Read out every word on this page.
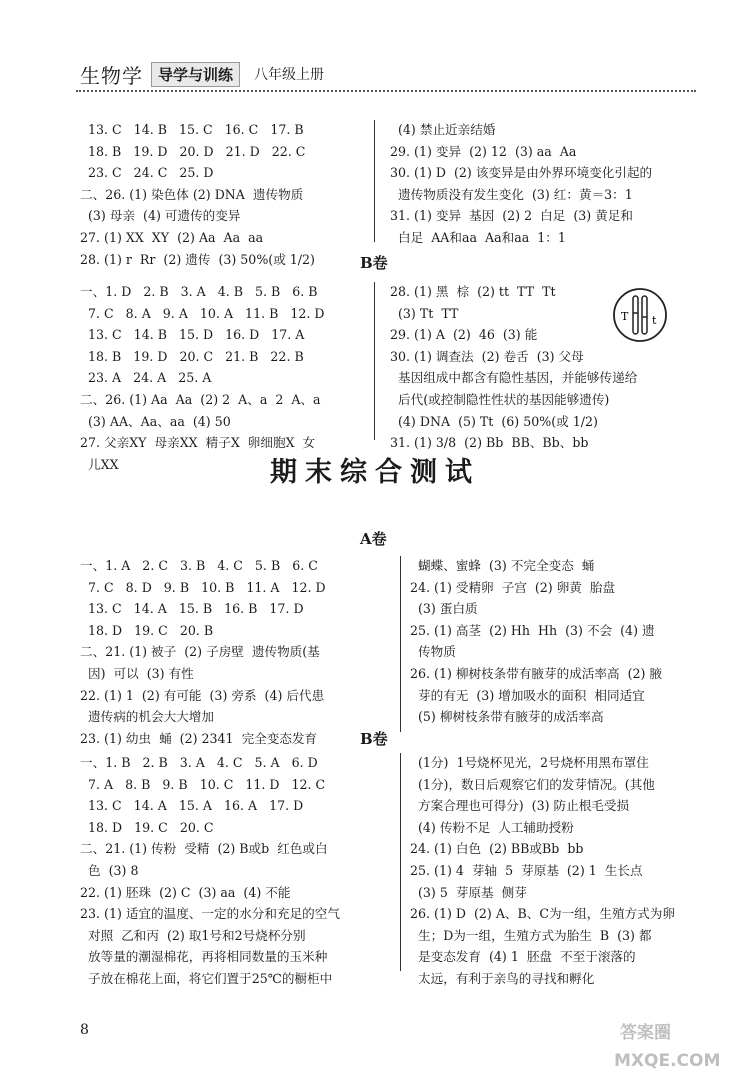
生物学	导学与训练	八年级上册
13. C   14. B   15. C   16. C   17. B
18. B   19. D   20. D   21. D   22. C
23. C   24. C   25. D
二、26. (1) 染色体 (2) DNA  遗传物质
(3) 母亲  (4) 可遗传的变异
27. (1) XX  XY  (2) Aa  Aa  aa
28. (1) r  Rr  (2) 遗传  (3) 50%(或 1/2)
(4) 禁止近亲结婚
29. (1) 变异  (2) 12  (3) aa  Aa
30. (1) D  (2) 该变异是由外界环境变化引起的
遗传物质没有发生变化  (3) 红：黄＝3：1
31. (1) 变异  基因  (2) 2  白足  (3) 黄足和
白足  AA和aa  Aa和aa  1：1
B卷
一、1. D   2. B   3. A   4. B   5. B   6. B
7. C   8. A   9. A   10. A   11. B   12. D
13. C   14. B   15. D   16. D   17. A
18. B   19. D   20. C   21. B   22. B
23. A   24. A   25. A
二、26. (1) Aa  Aa  (2) 2  A、a  2  A、a
(3) AA、Aa、aa  (4) 50
27. 父亲XY  母亲XX  精子X  卵细胞X  女
儿XX
28. (1) 黑  棕  (2) tt  TT  Tt
(3) Tt  TT
29. (1) A  (2)  46  (3) 能
30. (1) 调查法  (2) 卷舌  (3) 父母
基因组成中都含有隐性基因，并能够传递给
后代(或控制隐性性状的基因能够遗传)
(4) DNA  (5) Tt  (6) 50%(或 1/2)
31. (1) 3/8  (2) Bb  BB、Bb、bb
T t
期末综合测试
A卷
一、1. A   2. C   3. B   4. C   5. B   6. C
7. C   8. D   9. B   10. B   11. A   12. D
13. C   14. A   15. B   16. B   17. D
18. D   19. C   20. B
二、21. (1) 被子  (2) 子房壁  遗传物质(基
因)  可以  (3) 有性
22. (1) 1  (2) 有可能  (3) 旁系  (4) 后代患
遗传病的机会大大增加
23. (1) 幼虫  蛹  (2) 2341  完全变态发育
蝴蝶、蜜蜂  (3) 不完全变态  蛹
24. (1) 受精卵  子宫  (2) 卵黄  胎盘
(3) 蛋白质
25. (1) 高茎  (2) Hh  Hh  (3) 不会  (4) 遗
传物质
26. (1) 柳树枝条带有腋芽的成活率高  (2) 腋
芽的有无  (3) 增加吸水的面积  相同适宜
(5) 柳树枝条带有腋芽的成活率高
B卷
一、1. B   2. B   3. A   4. C   5. A   6. D
7. A   8. B   9. B   10. C   11. D   12. C
13. C   14. A   15. A   16. A   17. D
18. D   19. C   20. C
二、21. (1) 传粉  受精  (2) B或b  红色或白
色  (3) 8
22. (1) 胚珠  (2) C  (3) aa  (4) 不能
23. (1) 适宜的温度、一定的水分和充足的空气
对照  乙和丙  (2) 取1号和2号烧杯分别
放等量的潮湿棉花，再将相同数量的玉米种
子放在棉花上面，将它们置于25℃的橱柜中
(1分)  1号烧杯见光，2号烧杯用黑布罩住
(1分)，数日后观察它们的发芽情况。(其他
方案合理也可得分)  (3) 防止根毛受损
(4) 传粉不足  人工辅助授粉
24. (1) 白色  (2) BB或Bb  bb
25. (1) 4  芽轴  5  芽原基  (2) 1  生长点
(3) 5  芽原基  侧芽
26. (1) D  (2) A、B、C为一组，生殖方式为卵
生；D为一组，生殖方式为胎生  B  (3) 都
是变态发育  (4) 1  胚盘  不至于滚落的
太远，有利于亲鸟的寻找和孵化
8	答案圈
MXQE.COM
